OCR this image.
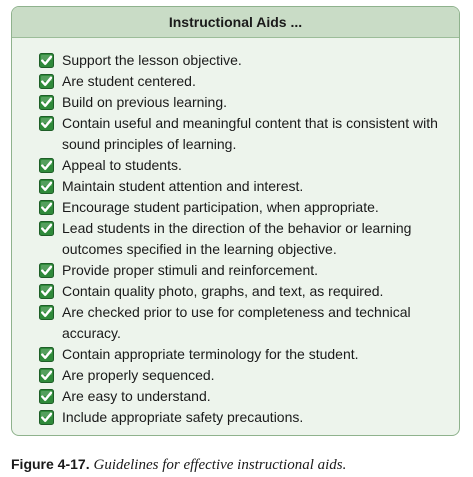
Instructional Aids ...
Support the lesson objective.
Are student centered.
Build on previous learning.
Contain useful and meaningful content that is consistent with sound principles of learning.
Appeal to students.
Maintain student attention and interest.
Encourage student participation, when appropriate.
Lead students in the direction of the behavior or learning outcomes specified in the learning objective.
Provide proper stimuli and reinforcement.
Contain quality photo, graphs, and text, as required.
Are checked prior to use for completeness and technical accuracy.
Contain appropriate terminology for the student.
Are properly sequenced.
Are easy to understand.
Include appropriate safety precautions.
Figure 4-17. Guidelines for effective instructional aids.
